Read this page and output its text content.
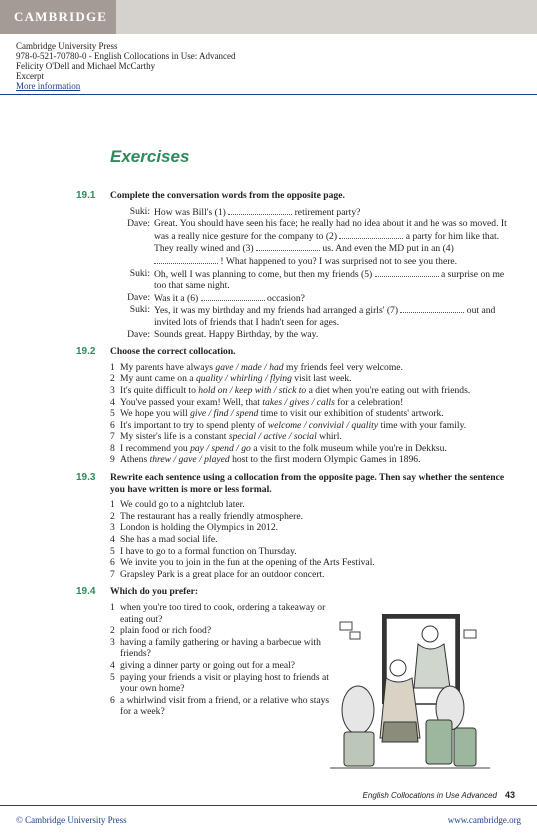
CAMBRIDGE
Cambridge University Press
978-0-521-70780-0 - English Collocations in Use: Advanced
Felicity O'Dell and Michael McCarthy
Excerpt
More information
Exercises
19.1 Complete the conversation words from the opposite page.
Suki: How was Bill's (1)	retirement party?
Dave: Great. You should have seen his face; he really had no idea about it and he was so moved. It was a really nice gesture for the company to (2)	a party for him like that. They really wined and (3)	us. And even the MD put in an (4)  ! What happened to you? I was surprised not to see you there.
Suki: Oh, well I was planning to come, but then my friends (5)	a surprise on me too that same night.
Dave: Was it a (6)	occasion?
Suki: Yes, it was my birthday and my friends had arranged a girls' (7)	out and invited lots of friends that I hadn't seen for ages.
Dave: Sounds great. Happy Birthday, by the way.
19.2 Choose the correct collocation.
1 My parents have always gave / made / had my friends feel very welcome.
2 My aunt came on a quality / whirling / flying visit last week.
3 It's quite difficult to hold on / keep with / stick to a diet when you're eating out with friends.
4 You've passed your exam! Well, that takes / gives / calls for a celebration!
5 We hope you will give / find / spend time to visit our exhibition of students' artwork.
6 It's important to try to spend plenty of welcome / convivial / quality time with your family.
7 My sister's life is a constant special / active / social whirl.
8 I recommend you pay / spend / go a visit to the folk museum while you're in Dekksu.
9 Athens threw / gave / played host to the first modern Olympic Games in 1896.
19.3 Rewrite each sentence using a collocation from the opposite page. Then say whether the sentence you have written is more or less formal.
1 We could go to a nightclub later.
2 The restaurant has a really friendly atmosphere.
3 London is holding the Olympics in 2012.
4 She has a mad social life.
5 I have to go to a formal function on Thursday.
6 We invite you to join in the fun at the opening of the Arts Festival.
7 Grapsley Park is a great place for an outdoor concert.
19.4 Which do you prefer:
1 when you're too tired to cook, ordering a takeaway or eating out?
2 plain food or rich food?
3 having a family gathering or having a barbecue with friends?
4 giving a dinner party or going out for a meal?
5 paying your friends a visit or playing host to friends at your own home?
6 a whirlwind visit from a friend, or a relative who stays for a week?
English Collocations in Use Advanced 43
© Cambridge University Press	www.cambridge.org
